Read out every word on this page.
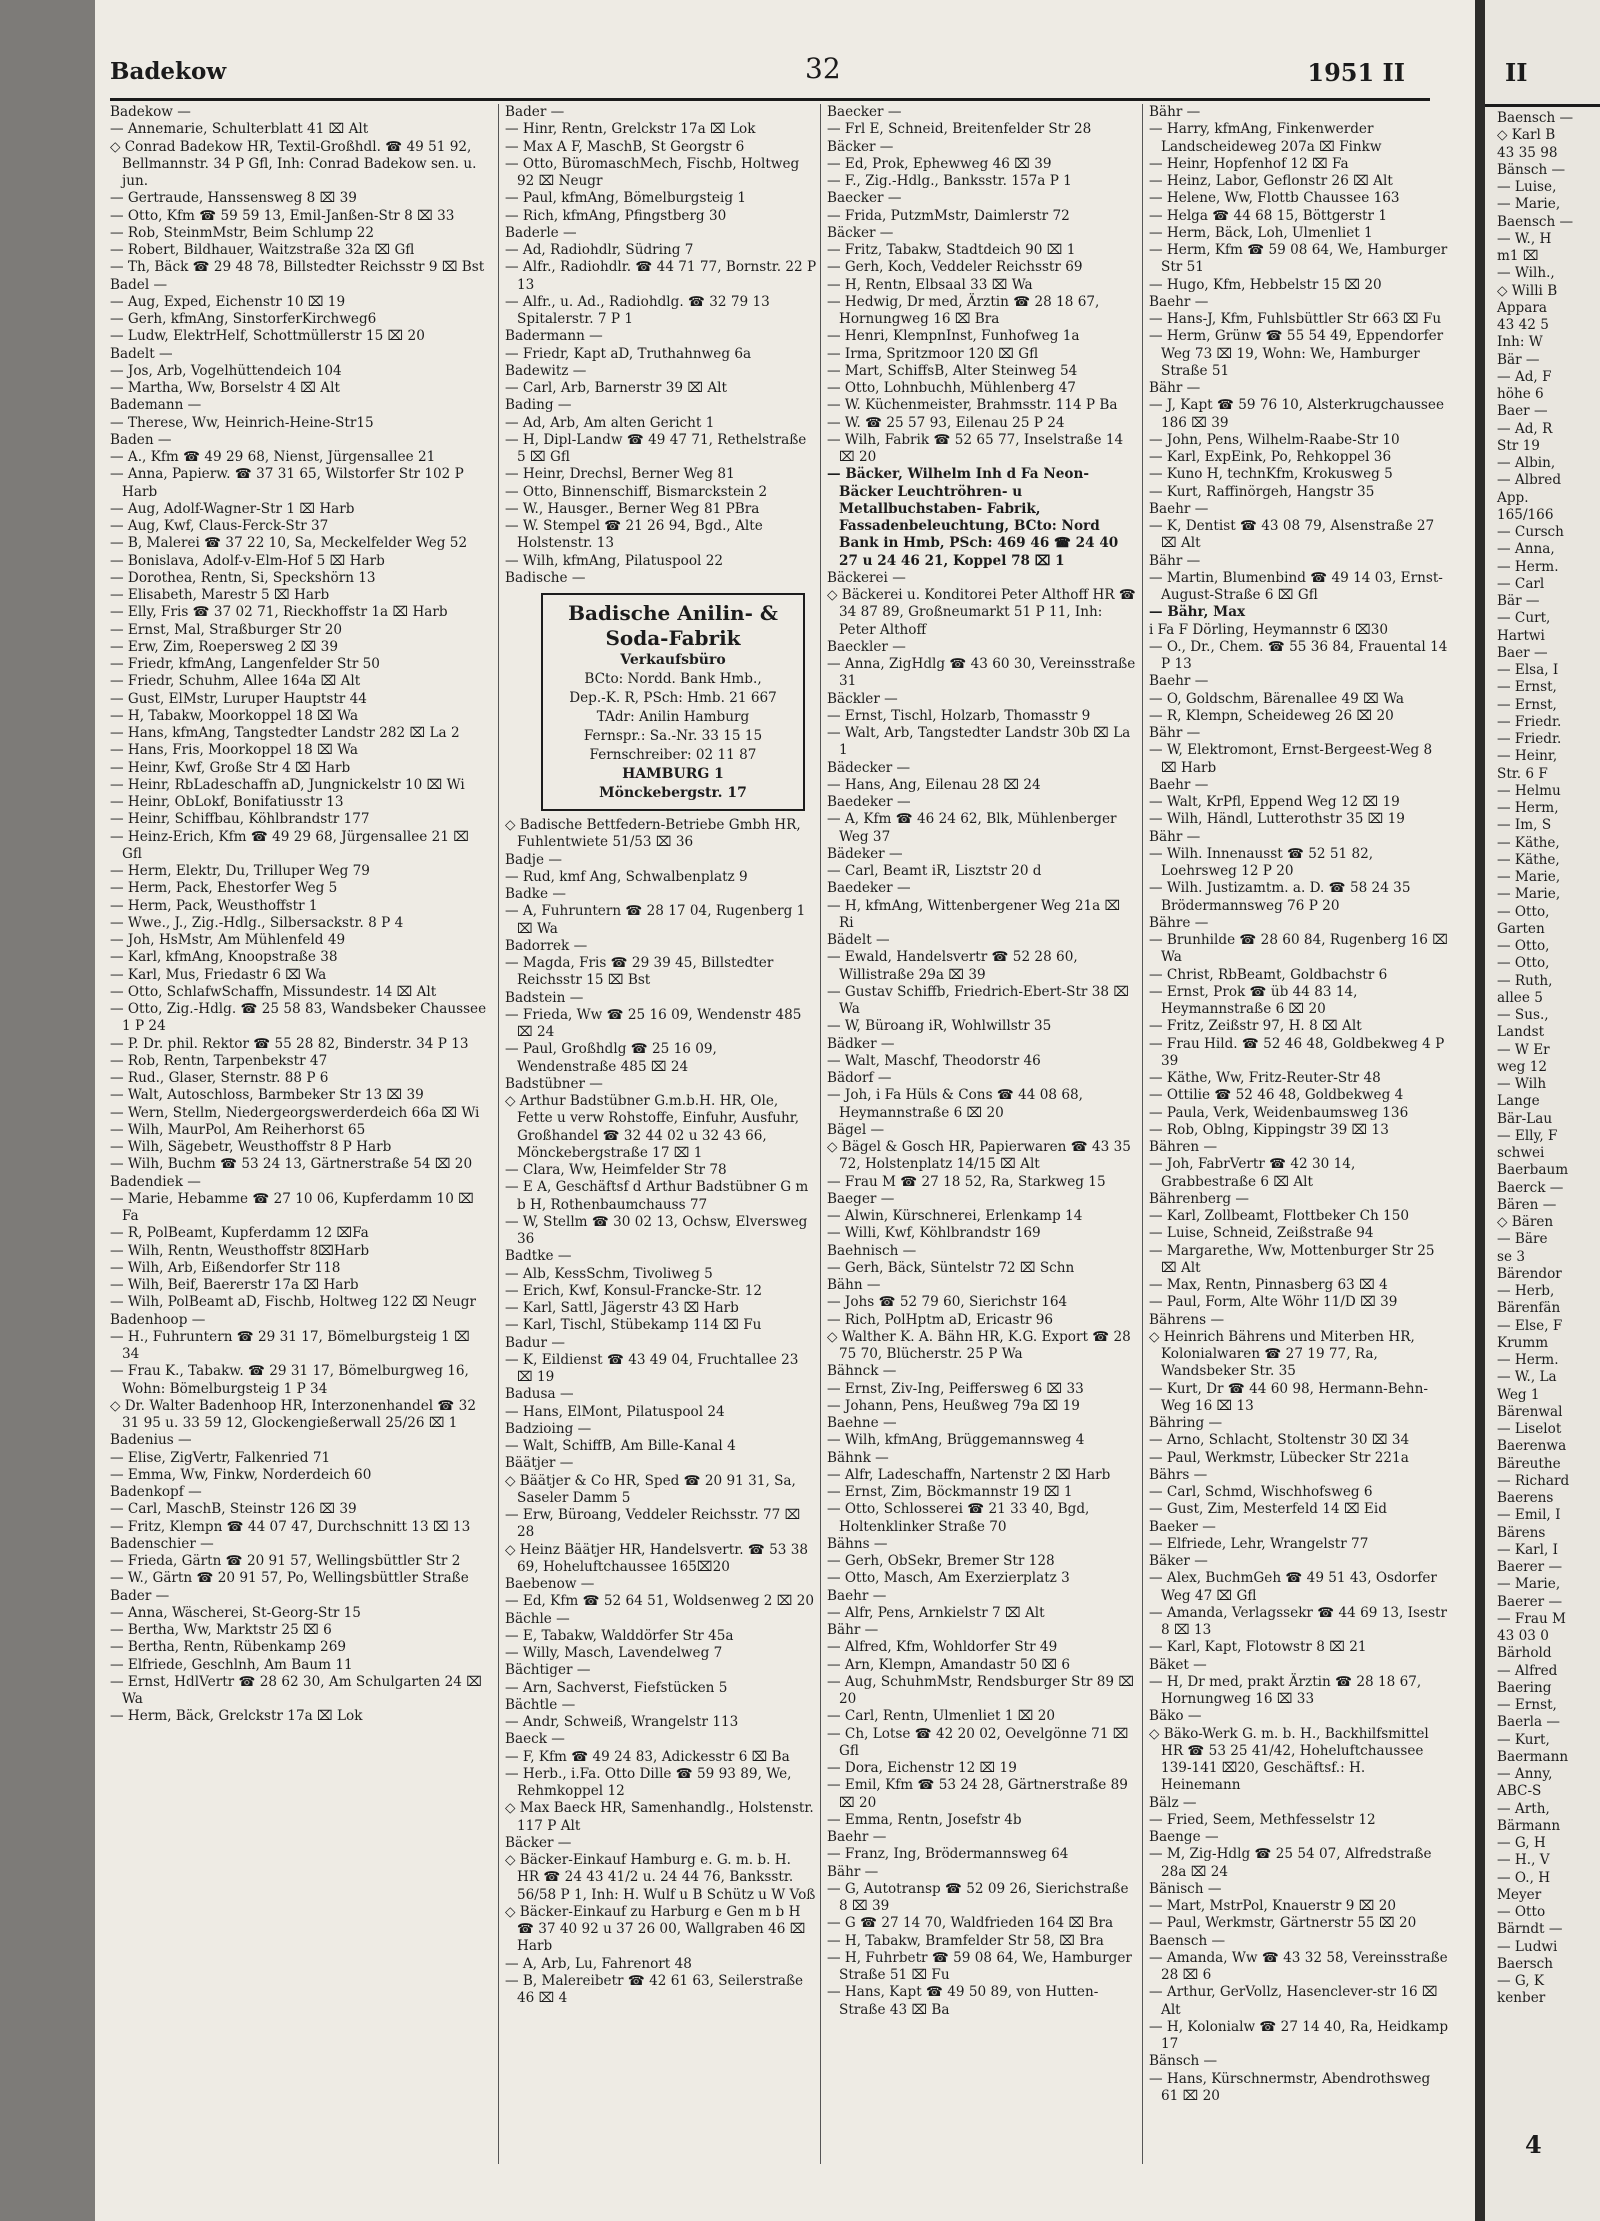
II
Baensch —
◇ Karl B
43 35 98
Bänsch —
— Luise,
— Marie,
Baensch —
— W., H
m1 ⌧
— Wilh.,
◇ Willi B
Appara
43 42 5
Inh: W
Bär —
— Ad, F
höhe 6
Baer —
— Ad, R
Str 19
— Albin,
— Albred
App.
165/166
— Cursch
— Anna,
— Herm.
— Carl
Bär —
— Curt,
Hartwi
Baer —
— Elsa, I
— Ernst,
— Ernst,
— Friedr.
— Friedr.
— Heinr,
Str. 6 F
— Helmu
— Herm,
— Im, S
— Käthe,
— Käthe,
— Marie,
— Marie,
— Otto,
Garten
— Otto,
— Otto,
— Ruth,
allee 5
— Sus.,
Landst
— W Er
weg 12
— Wilh
Lange
Bär-Lau
— Elly, F
schwei
Baerbaum
Baerck —
Bären —
◇ Bären
— Bäre
se 3
Bärendor
— Herb,
Bärenfän
— Else, F
Krumm
— Herm.
— W., La
Weg 1
Bärenwal
— Liselot
Baerenwa
Bäreuthe
— Richard
Baerens
— Emil, I
Bärens
— Karl, I
Baerer —
— Marie,
Baerer —
— Frau M
43 03 0
Bärhold
— Alfred
Baering
— Ernst,
Baerla —
— Kurt,
Baermann
— Anny,
ABC-S
— Arth,
Bärmann
— G, H
— H., V
— O., H
Meyer
— Otto
Bärndt —
— Ludwi
Baersch
— G, K
kenber
4
Badekow	32	1951 II

Badekow —

— Annemarie, Schulterblatt 41 ⌧ Alt

◇ Conrad Badekow HR, Textil-Großhdl. ☎ 49 51 92, Bellmannstr. 34 P Gfl, Inh: Conrad Badekow sen. u. jun.

— Gertraude, Hanssensweg 8 ⌧ 39

— Otto, Kfm ☎ 59 59 13, Emil-Janßen-Str 8 ⌧ 33

— Rob, SteinmMstr, Beim Schlump 22

— Robert, Bildhauer, Waitzstraße 32a ⌧ Gfl

— Th, Bäck ☎ 29 48 78, Billstedter Reichsstr 9 ⌧ Bst

Badel —

— Aug, Exped, Eichenstr 10 ⌧ 19

— Gerh, kfmAng, SinstorferKirchweg6

— Ludw, ElektrHelf, Schottmüllerstr 15 ⌧ 20

Badelt —

— Jos, Arb, Vogelhüttendeich 104

— Martha, Ww, Borselstr 4 ⌧ Alt

Bademann —

— Therese, Ww, Heinrich-Heine-Str15

Baden —

— A., Kfm ☎ 49 29 68, Nienst, Jürgensallee 21

— Anna, Papierw. ☎ 37 31 65, Wilstorfer Str 102 P Harb

— Aug, Adolf-Wagner-Str 1 ⌧ Harb

— Aug, Kwf, Claus-Ferck-Str 37

— B, Malerei ☎ 37 22 10, Sa, Meckelfelder Weg 52

— Bonislava, Adolf-v-Elm-Hof 5 ⌧ Harb

— Dorothea, Rentn, Si, Speckshörn 13

— Elisabeth, Marestr 5 ⌧ Harb

— Elly, Fris ☎ 37 02 71, Rieckhoffstr 1a ⌧ Harb

— Ernst, Mal, Straßburger Str 20

— Erw, Zim, Roepersweg 2 ⌧ 39

— Friedr, kfmAng, Langenfelder Str 50

— Friedr, Schuhm, Allee 164a ⌧ Alt

— Gust, ElMstr, Luruper Hauptstr 44

— H, Tabakw, Moorkoppel 18 ⌧ Wa

— Hans, kfmAng, Tangstedter Landstr 282 ⌧ La 2

— Hans, Fris, Moorkoppel 18 ⌧ Wa

— Heinr, Kwf, Große Str 4 ⌧ Harb

— Heinr, RbLadeschaffn aD, Jungnickelstr 10 ⌧ Wi

— Heinr, ObLokf, Bonifatiusstr 13

— Heinr, Schiffbau, Köhlbrandstr 177

— Heinz-Erich, Kfm ☎ 49 29 68, Jürgensallee 21 ⌧ Gfl

— Herm, Elektr, Du, Trilluper Weg 79

— Herm, Pack, Ehestorfer Weg 5

— Herm, Pack, Weusthoffstr 1

— Wwe., J., Zig.-Hdlg., Silbersackstr. 8 P 4

— Joh, HsMstr, Am Mühlenfeld 49

— Karl, kfmAng, Knoopstraße 38

— Karl, Mus, Friedastr 6 ⌧ Wa

— Otto, SchlafwSchaffn, Missundestr. 14 ⌧ Alt

— Otto, Zig.-Hdlg. ☎ 25 58 83, Wandsbeker Chaussee 1 P 24

— P. Dr. phil. Rektor ☎ 55 28 82, Binderstr. 34 P 13

— Rob, Rentn, Tarpenbekstr 47

— Rud., Glaser, Sternstr. 88 P 6

— Walt, Autoschloss, Barmbeker Str 13 ⌧ 39

— Wern, Stellm, Niedergeorgswerderdeich 66a ⌧ Wi

— Wilh, MaurPol, Am Reiherhorst 65

— Wilh, Sägebetr, Weusthoffstr 8 P Harb

— Wilh, Buchm ☎ 53 24 13, Gärtnerstraße 54 ⌧ 20

Badendiek —

— Marie, Hebamme ☎ 27 10 06, Kupferdamm 10 ⌧ Fa

— R, PolBeamt, Kupferdamm 12 ⌧Fa

— Wilh, Rentn, Weusthoffstr 8⌧Harb

— Wilh, Arb, Eißendorfer Str 118

— Wilh, Beif, Baererstr 17a ⌧ Harb

— Wilh, PolBeamt aD, Fischb, Holtweg 122 ⌧ Neugr

Badenhoop —

— H., Fuhruntern ☎ 29 31 17, Bömelburgsteig 1 ⌧ 34

— Frau K., Tabakw. ☎ 29 31 17, Bömelburgweg 16, Wohn: Bömelburgsteig 1 P 34

◇ Dr. Walter Badenhoop HR, Interzonenhandel ☎ 32 31 95 u. 33 59 12, Glockengießerwall 25/26 ⌧ 1

Badenius —

— Elise, ZigVertr, Falkenried 71

— Emma, Ww, Finkw, Norderdeich 60

Badenkopf —

— Carl, MaschB, Steinstr 126 ⌧ 39

— Fritz, Klempn ☎ 44 07 47, Durchschnitt 13 ⌧ 13

Badenschier —

— Frieda, Gärtn ☎ 20 91 57, Wellingsbüttler Str 2

— W., Gärtn ☎ 20 91 57, Po, Wellingsbüttler Straße

Bader —

— Anna, Wäscherei, St-Georg-Str 15

— Bertha, Ww, Marktstr 25 ⌧ 6

— Bertha, Rentn, Rübenkamp 269

— Elfriede, Geschlnh, Am Baum 11

— Ernst, HdlVertr ☎ 28 62 30, Am Schulgarten 24 ⌧ Wa

— Herm, Bäck, Grelckstr 17a ⌧ Lok

Bader —

— Hinr, Rentn, Grelckstr 17a ⌧ Lok

— Max A F, MaschB, St Georgstr 6

— Otto, BüromaschMech, Fischb, Holtweg 92 ⌧ Neugr

— Paul, kfmAng, Bömelburgsteig 1

— Rich, kfmAng, Pfingstberg 30

Baderle —

— Ad, Radiohdlr, Südring 7

— Alfr., Radiohdlr. ☎ 44 71 77, Bornstr. 22 P 13

— Alfr., u. Ad., Radiohdlg. ☎ 32 79 13 Spitalerstr. 7 P 1

Badermann —

— Friedr, Kapt aD, Truthahnweg 6a

Badewitz —

— Carl, Arb, Barnerstr 39 ⌧ Alt

Bading —

— Ad, Arb, Am alten Gericht 1

— H, Dipl-Landw ☎ 49 47 71, Rethelstraße 5 ⌧ Gfl

— Heinr, Drechsl, Berner Weg 81

— Otto, Binnenschiff, Bismarckstein 2

— W., Hausger., Berner Weg 81 PBra

— W. Stempel ☎ 21 26 94, Bgd., Alte Holstenstr. 13

— Wilh, kfmAng, Pilatuspool 22

Badische —

Badische Anilin- & Soda-Fabrik
Verkaufsbüro
BCto: Nordd. Bank Hmb.,
Dep.-K. R, PSch: Hmb. 21 667
TAdr: Anilin Hamburg
Fernspr.: Sa.-Nr. 33 15 15
Fernschreiber: 02 11 87
HAMBURG 1
Mönckebergstr. 17

◇ Badische Bettfedern-Betriebe Gmbh HR, Fuhlentwiete 51/53 ⌧ 36

Badje —

— Rud, kmf Ang, Schwalbenplatz 9

Badke —

— A, Fuhruntern ☎ 28 17 04, Rugenberg 1 ⌧ Wa

Badorrek —

— Magda, Fris ☎ 29 39 45, Billstedter Reichsstr 15 ⌧ Bst

Badstein —

— Frieda, Ww ☎ 25 16 09, Wendenstr 485 ⌧ 24

— Paul, Großhdlg ☎ 25 16 09, Wendenstraße 485 ⌧ 24

Badstübner —

◇ Arthur Badstübner G.m.b.H. HR, Ole, Fette u verw Rohstoffe, Einfuhr, Ausfuhr, Großhandel ☎ 32 44 02 u 32 43 66, Mönckebergstraße 17 ⌧ 1

— Clara, Ww, Heimfelder Str 78

— E A, Geschäftsf d Arthur Badstübner G m b H, Rothenbaumchauss 77

— W, Stellm ☎ 30 02 13, Ochsw, Elversweg 36

Badtke —

— Alb, KessSchm, Tivoliweg 5

— Erich, Kwf, Konsul-Francke-Str. 12

— Karl, Sattl, Jägerstr 43 ⌧ Harb

— Karl, Tischl, Stübekamp 114 ⌧ Fu

Badur —

— K, Eildienst ☎ 43 49 04, Fruchtallee 23 ⌧ 19

Badusa —

— Hans, ElMont, Pilatuspool 24

Badzioing —

— Walt, SchiffB, Am Bille-Kanal 4

Bäätjer —

◇ Bäätjer & Co HR, Sped ☎ 20 91 31, Sa, Saseler Damm 5

— Erw, Büroang, Veddeler Reichsstr. 77 ⌧ 28

◇ Heinz Bäätjer HR, Handelsvertr. ☎ 53 38 69, Hoheluftchaussee 165⌧20

Baebenow —

— Ed, Kfm ☎ 52 64 51, Woldsenweg 2 ⌧ 20

Bächle —

— E, Tabakw, Walddörfer Str 45a

— Willy, Masch, Lavendelweg 7

Bächtiger —

— Arn, Sachverst, Fiefstücken 5

Bächtle —

— Andr, Schweiß, Wrangelstr 113

Baeck —

— F, Kfm ☎ 49 24 83, Adickesstr 6 ⌧ Ba

— Herb., i.Fa. Otto Dille ☎ 59 93 89, We, Rehmkoppel 12

◇ Max Baeck HR, Samenhandlg., Holstenstr. 117 P Alt

Bäcker —

◇ Bäcker-Einkauf Hamburg e. G. m. b. H. HR ☎ 24 43 41/2 u. 24 44 76, Banksstr. 56/58 P 1, Inh: H. Wulf u B Schütz u W Voß

◇ Bäcker-Einkauf zu Harburg e Gen m b H ☎ 37 40 92 u 37 26 00, Wallgraben 46 ⌧ Harb

— A, Arb, Lu, Fahrenort 48

— B, Malereibetr ☎ 42 61 63, Seilerstraße 46 ⌧ 4

Baecker —

— Frl E, Schneid, Breitenfelder Str 28

Bäcker —

— Ed, Prok, Ephewweg 46 ⌧ 39

— F., Zig.-Hdlg., Banksstr. 157a P 1

Baecker —

— Frida, PutzmMstr, Daimlerstr 72

Bäcker —

— Fritz, Tabakw, Stadtdeich 90 ⌧ 1

— Gerh, Koch, Veddeler Reichsstr 69

— H, Rentn, Elbsaal 33 ⌧ Wa

— Hedwig, Dr med, Ärztin ☎ 28 18 67, Hornungweg 16 ⌧ Bra

— Henri, KlempnInst, Funhofweg 1a

— Irma, Spritzmoor 120 ⌧ Gfl

— Mart, SchiffsB, Alter Steinweg 54

— Otto, Lohnbuchh, Mühlenberg 47

— W. Küchenmeister, Brahmsstr. 114 P Ba

— W. ☎ 25 57 93, Eilenau 25 P 24

— Wilh, Fabrik ☎ 52 65 77, Inselstraße 14 ⌧ 20

— Bäcker, Wilhelm Inh d Fa Neon-Bäcker Leuchtröhren- u Metallbuchstaben- Fabrik, Fassadenbeleuchtung, BCto: Nord Bank in Hmb, PSch: 469 46 ☎ 24 40 27 u 24 46 21, Koppel 78 ⌧ 1

Bäckerei —

◇ Bäckerei u. Konditorei Peter Althoff HR ☎ 34 87 89, Großneumarkt 51 P 11, Inh: Peter Althoff

Baeckler —

— Anna, ZigHdlg ☎ 43 60 30, Vereinsstraße 31

Bäckler —

— Ernst, Tischl, Holzarb, Thomasstr 9

— Walt, Arb, Tangstedter Landstr 30b ⌧ La 1

Bädecker —

— Hans, Ang, Eilenau 28 ⌧ 24

Baedeker —

— A, Kfm ☎ 46 24 62, Blk, Mühlenberger Weg 37

Bädeker —

— Carl, Beamt iR, Lisztstr 20 d

Baedeker —

— H, kfmAng, Wittenbergener Weg 21a ⌧ Ri

Bädelt —

— Ewald, Handelsvertr ☎ 52 28 60, Willistraße 29a ⌧ 39

— Gustav Schiffb, Friedrich-Ebert-Str 38 ⌧ Wa

— W, Büroang iR, Wohlwillstr 35

Bädker —

— Walt, Maschf, Theodorstr 46

Bädorf —

— Joh, i Fa Hüls & Cons ☎ 44 08 68, Heymannstraße 6 ⌧ 20

Bägel —

◇ Bägel & Gosch HR, Papierwaren ☎ 43 35 72, Holstenplatz 14/15 ⌧ Alt

— Frau M ☎ 27 18 52, Ra, Starkweg 15

Baeger —

— Alwin, Kürschnerei, Erlenkamp 14

— Willi, Kwf, Köhlbrandstr 169

Baehnisch —

— Gerh, Bäck, Süntelstr 72 ⌧ Schn

Bähn —

— Johs ☎ 52 79 60, Sierichstr 164

— Rich, PolHptm aD, Ericastr 96

◇ Walther K. A. Bähn HR, K.G. Export ☎ 28 75 70, Blücherstr. 25 P Wa

Bähnck —

— Ernst, Ziv-Ing, Peiffersweg 6 ⌧ 33

— Johann, Pens, Heußweg 79a ⌧ 19

Baehne —

— Wilh, kfmAng, Brüggemannsweg 4

Bähnk —

— Alfr, Ladeschaffn, Nartenstr 2 ⌧ Harb

— Ernst, Zim, Böckmannstr 19 ⌧ 1

— Otto, Schlosserei ☎ 21 33 40, Bgd, Holtenklinker Straße 70

Bähns —

— Gerh, ObSekr, Bremer Str 128

— Otto, Masch, Am Exerzierplatz 3

Baehr —

— Alfr, Pens, Arnkielstr 7 ⌧ Alt

Bähr —

— Alfred, Kfm, Wohldorfer Str 49

— Arn, Klempn, Amandastr 50 ⌧ 6

— Aug, SchuhmMstr, Rendsburger Str 89 ⌧ 20

— Carl, Rentn, Ulmenliet 1 ⌧ 20

— Ch, Lotse ☎ 42 20 02, Oevelgönne 71 ⌧ Gfl

— Dora, Eichenstr 12 ⌧ 19

— Emil, Kfm ☎ 53 24 28, Gärtnerstraße 89 ⌧ 20

— Emma, Rentn, Josefstr 4b

Baehr —

— Franz, Ing, Brödermannsweg 64

Bähr —

— G, Autotransp ☎ 52 09 26, Sierichstraße 8 ⌧ 39

— G ☎ 27 14 70, Waldfrieden 164 ⌧ Bra

— H, Tabakw, Bramfelder Str 58, ⌧ Bra

— H, Fuhrbetr ☎ 59 08 64, We, Hamburger Straße 51 ⌧ Fu

— Hans, Kapt ☎ 49 50 89, von Hutten-Straße 43 ⌧ Ba

Bähr —

— Harry, kfmAng, Finkenwerder Landscheideweg 207a ⌧ Finkw

— Heinr, Hopfenhof 12 ⌧ Fa

— Heinz, Labor, Geflonstr 26 ⌧ Alt

— Helene, Ww, Flottb Chaussee 163

— Helga ☎ 44 68 15, Böttgerstr 1

— Herm, Bäck, Loh, Ulmenliet 1

— Herm, Kfm ☎ 59 08 64, We, Hamburger Str 51

— Hugo, Kfm, Hebbelstr 15 ⌧ 20

Baehr —

— Hans-J, Kfm, Fuhlsbüttler Str 663 ⌧ Fu

— Herm, Grünw ☎ 55 54 49, Eppendorfer Weg 73 ⌧ 19, Wohn: We, Hamburger Straße 51

Bähr —

— J, Kapt ☎ 59 76 10, Alsterkrugchaussee 186 ⌧ 39

— John, Pens, Wilhelm-Raabe-Str 10

— Karl, ExpEink, Po, Rehkoppel 36

— Kuno H, technKfm, Krokusweg 5

— Kurt, Raffinörgeh, Hangstr 35

Baehr —

— K, Dentist ☎ 43 08 79, Alsenstraße 27 ⌧ Alt

Bähr —

— Martin, Blumenbind ☎ 49 14 03, Ernst-August-Straße 6 ⌧ Gfl

— Bähr, Max

i Fa F Dörling, Heymannstr 6 ⌧30

— O., Dr., Chem. ☎ 55 36 84, Frauental 14 P 13

Baehr —

— O, Goldschm, Bärenallee 49 ⌧ Wa

— R, Klempn, Scheideweg 26 ⌧ 20

Bähr —

— W, Elektromont, Ernst-Bergeest-Weg 8 ⌧ Harb

Baehr —

— Walt, KrPfl, Eppend Weg 12 ⌧ 19

— Wilh, Händl, Lutterothstr 35 ⌧ 19

Bähr —

— Wilh. Innenausst ☎ 52 51 82, Loehrsweg 12 P 20

— Wilh. Justizamtm. a. D. ☎ 58 24 35 Brödermannsweg 76 P 20

Bähre —

— Brunhilde ☎ 28 60 84, Rugenberg 16 ⌧ Wa

— Christ, RbBeamt, Goldbachstr 6

— Ernst, Prok ☎ üb 44 83 14, Heymannstraße 6 ⌧ 20

— Fritz, Zeißstr 97, H. 8 ⌧ Alt

— Frau Hild. ☎ 52 46 48, Goldbekweg 4 P 39

— Käthe, Ww, Fritz-Reuter-Str 48

— Ottilie ☎ 52 46 48, Goldbekweg 4

— Paula, Verk, Weidenbaumsweg 136

— Rob, Oblng, Kippingstr 39 ⌧ 13

Bähren —

— Joh, FabrVertr ☎ 42 30 14, Grabbestraße 6 ⌧ Alt

Bährenberg —

— Karl, Zollbeamt, Flottbeker Ch 150

— Luise, Schneid, Zeißstraße 94

— Margarethe, Ww, Mottenburger Str 25 ⌧ Alt

— Max, Rentn, Pinnasberg 63 ⌧ 4

— Paul, Form, Alte Wöhr 11/D ⌧ 39

Bährens —

◇ Heinrich Bährens und Miterben HR, Kolonialwaren ☎ 27 19 77, Ra, Wandsbeker Str. 35

— Kurt, Dr ☎ 44 60 98, Hermann-Behn-Weg 16 ⌧ 13

Bähring —

— Arno, Schlacht, Stoltenstr 30 ⌧ 34

— Paul, Werkmstr, Lübecker Str 221a

Bährs —

— Carl, Schmd, Wischhofsweg 6

— Gust, Zim, Mesterfeld 14 ⌧ Eid

Baeker —

— Elfriede, Lehr, Wrangelstr 77

Bäker —

— Alex, BuchmGeh ☎ 49 51 43, Osdorfer Weg 47 ⌧ Gfl

— Amanda, Verlagssekr ☎ 44 69 13, Isestr 8 ⌧ 13

— Karl, Kapt, Flotowstr 8 ⌧ 21

Bäket —

— H, Dr med, prakt Ärztin ☎ 28 18 67, Hornungweg 16 ⌧ 33

Bäko —

◇ Bäko-Werk G. m. b. H., Backhilfsmittel HR ☎ 53 25 41/42, Hoheluftchaussee 139-141 ⌧20, Geschäftsf.: H. Heinemann

Bälz —

— Fried, Seem, Methfesselstr 12

Baenge —

— M, Zig-Hdlg ☎ 25 54 07, Alfredstraße 28a ⌧ 24

Bänisch —

— Mart, MstrPol, Knauerstr 9 ⌧ 20

— Paul, Werkmstr, Gärtnerstr 55 ⌧ 20

Baensch —

— Amanda, Ww ☎ 43 32 58, Vereinsstraße 28 ⌧ 6

— Arthur, GerVollz, Hasenclever-str 16 ⌧ Alt

— H, Kolonialw ☎ 27 14 40, Ra, Heidkamp 17

Bänsch —

— Hans, Kürschnermstr, Abendrothsweg 61 ⌧ 20
